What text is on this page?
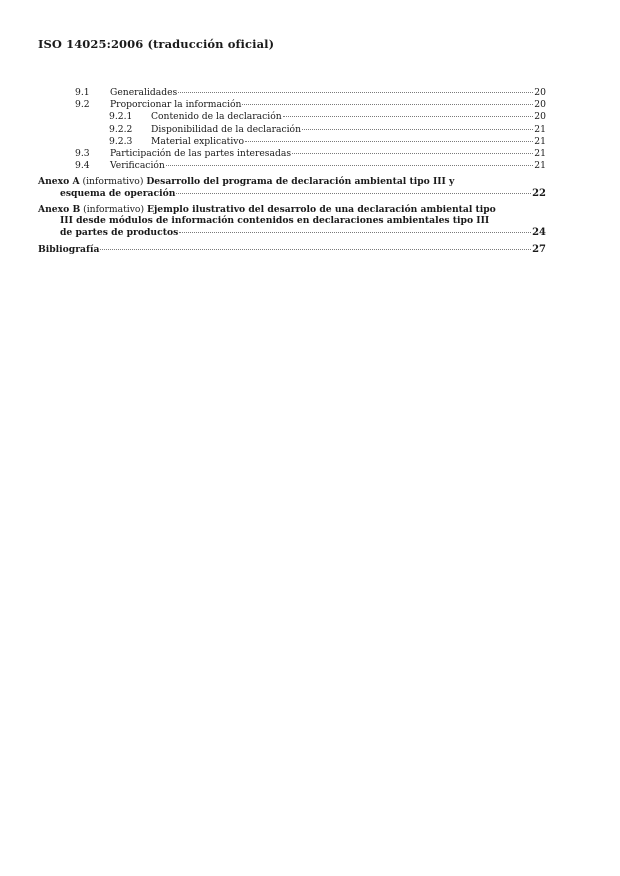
ISO 14025:2006 (traducción oficial)
9.1	Generalidades	20
9.2	Proporcionar la información	20
9.2.1	Contenido de la declaración	20
9.2.2	Disponibilidad de la declaración	21
9.2.3	Material explicativo	21
9.3	Participación de las partes interesadas	21
9.4	Verificación	21
Anexo A (informativo) Desarrollo del programa de declaración ambiental tipo III y
esquema de operación	22
Anexo B (informativo) Ejemplo ilustrativo del desarrolo de una declaración ambiental tipo
III desde módulos de información contenidos en declaraciones ambientales tipo III
de partes de productos	24
Bibliografía	27
